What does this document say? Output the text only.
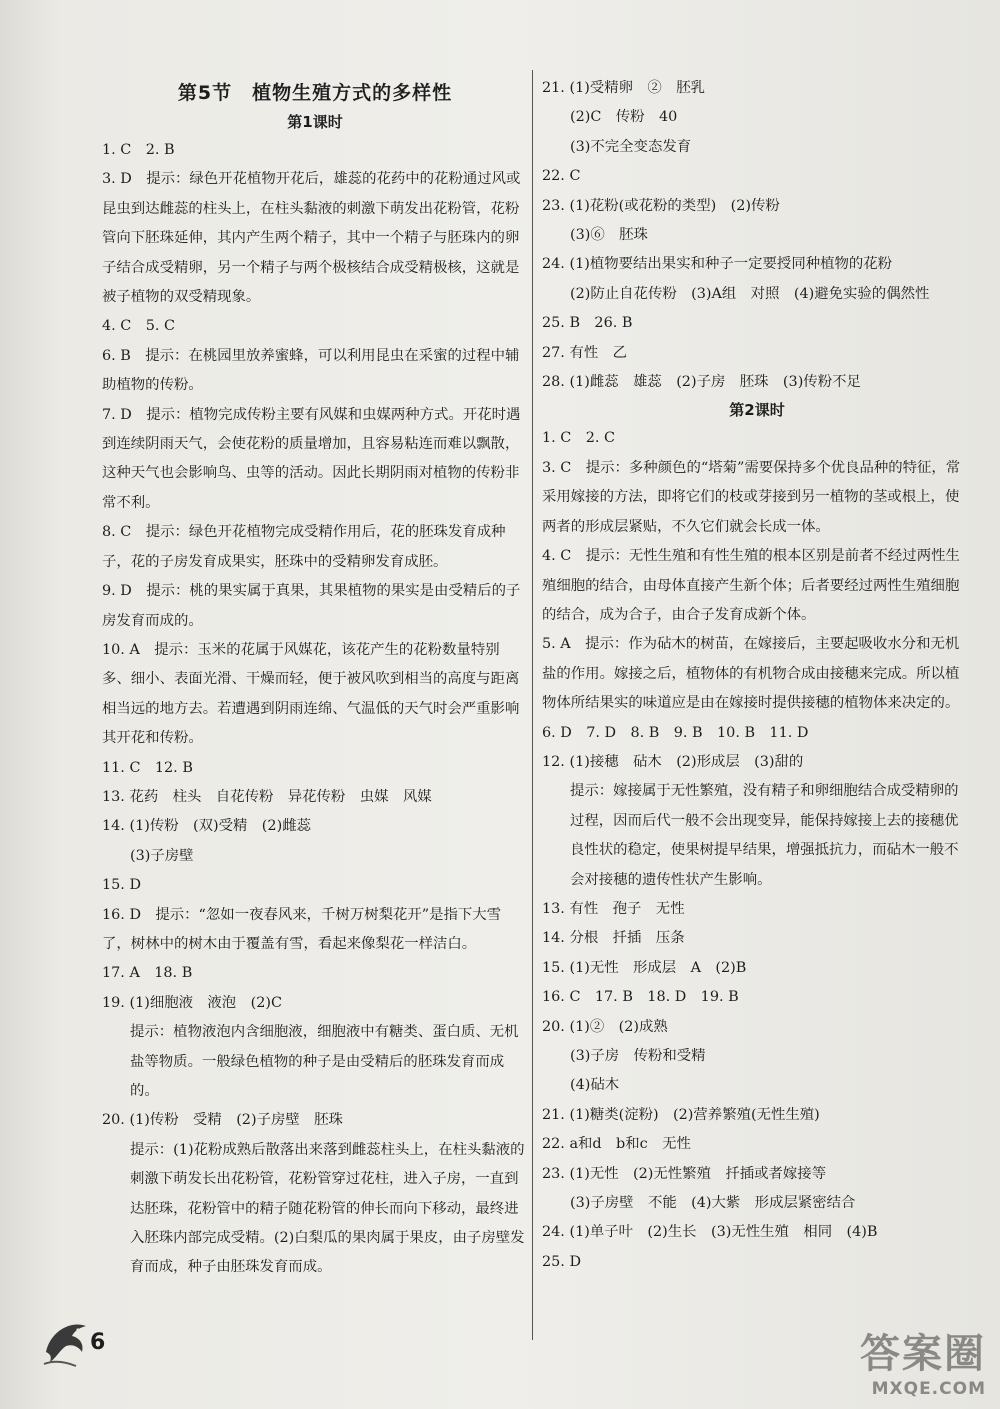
第5节　植物生殖方式的多样性
第1课时
1. C　2. B
3. D　提示：绿色开花植物开花后，雄蕊的花药中的花粉通过风或昆虫到达雌蕊的柱头上，在柱头黏液的刺激下萌发出花粉管，花粉管向下胚珠延伸，其内产生两个精子，其中一个精子与胚珠内的卵子结合成受精卵，另一个精子与两个极核结合成受精极核，这就是被子植物的双受精现象。
4. C　5. C
6. B　提示：在桃园里放养蜜蜂，可以利用昆虫在采蜜的过程中辅助植物的传粉。
7. D　提示：植物完成传粉主要有风媒和虫媒两种方式。开花时遇到连续阴雨天气，会使花粉的质量增加，且容易粘连而难以飘散，这种天气也会影响鸟、虫等的活动。因此长期阴雨对植物的传粉非常不利。
8. C　提示：绿色开花植物完成受精作用后，花的胚珠发育成种子，花的子房发育成果实，胚珠中的受精卵发育成胚。
9. D　提示：桃的果实属于真果，其果植物的果实是由受精后的子房发育而成的。
10. A　提示：玉米的花属于风媒花，该花产生的花粉数量特别多、细小、表面光滑、干燥而轻，便于被风吹到相当的高度与距离相当远的地方去。若遭遇到阴雨连绵、气温低的天气时会严重影响其开花和传粉。
11. C　12. B
13. 花药　柱头　自花传粉　异花传粉　虫媒　风媒
14. (1)传粉　(双)受精　(2)雌蕊
(3)子房壁
15. D
16. D　提示：“忽如一夜春风来，千树万树梨花开”是指下大雪了，树林中的树木由于覆盖有雪，看起来像梨花一样洁白。
17. A　18. B
19. (1)细胞液　液泡　(2)C
提示：植物液泡内含细胞液，细胞液中有糖类、蛋白质、无机盐等物质。一般绿色植物的种子是由受精后的胚珠发育而成的。
20. (1)传粉　受精　(2)子房壁　胚珠
提示：(1)花粉成熟后散落出来落到雌蕊柱头上，在柱头黏液的刺激下萌发长出花粉管，花粉管穿过花柱，进入子房，一直到达胚珠，花粉管中的精子随花粉管的伸长而向下移动，最终进入胚珠内部完成受精。(2)白梨瓜的果肉属于果皮，由子房壁发育而成，种子由胚珠发育而成。
21. (1)受精卵　②　胚乳
(2)C　传粉　40
(3)不完全变态发育
22. C
23. (1)花粉(或花粉的类型)　(2)传粉
(3)⑥　胚珠
24. (1)植物要结出果实和种子一定要授同种植物的花粉
(2)防止自花传粉　(3)A组　对照　(4)避免实验的偶然性
25. B　26. B
27. 有性　乙
28. (1)雌蕊　雄蕊　(2)子房　胚珠　(3)传粉不足
第2课时
1. C　2. C
3. C　提示：多种颜色的“塔菊”需要保持多个优良品种的特征，常采用嫁接的方法，即将它们的枝或芽接到另一植物的茎或根上，使两者的形成层紧贴，不久它们就会长成一体。
4. C　提示：无性生殖和有性生殖的根本区别是前者不经过两性生殖细胞的结合，由母体直接产生新个体；后者要经过两性生殖细胞的结合，成为合子，由合子发育成新个体。
5. A　提示：作为砧木的树苗，在嫁接后，主要起吸收水分和无机盐的作用。嫁接之后，植物体的有机物合成由接穗来完成。所以植物体所结果实的味道应是由在嫁接时提供接穗的植物体来决定的。
6. D　7. D　8. B　9. B　10. B　11. D
12. (1)接穗　砧木　(2)形成层　(3)甜的
提示：嫁接属于无性繁殖，没有精子和卵细胞结合成受精卵的过程，因而后代一般不会出现变异，能保持嫁接上去的接穗优良性状的稳定，使果树提早结果，增强抵抗力，而砧木一般不会对接穗的遗传性状产生影响。
13. 有性　孢子　无性
14. 分根　扦插　压条
15. (1)无性　形成层　A　(2)B
16. C　17. B　18. D　19. B
20. (1)②　(2)成熟
(3)子房　传粉和受精
(4)砧木
21. (1)糖类(淀粉)　(2)营养繁殖(无性生殖)
22. a和d　b和c　无性
23. (1)无性　(2)无性繁殖　扦插或者嫁接等
(3)子房壁　不能　(4)大紫　形成层紧密结合
24. (1)单子叶　(2)生长　(3)无性生殖　相同　(4)B
25. D
6	答案圈
MXQE.COM
